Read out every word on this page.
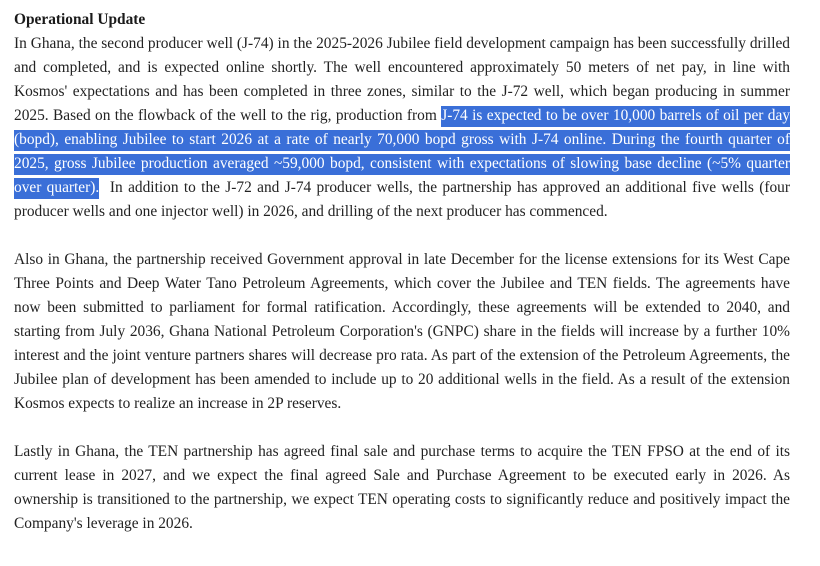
Operational Update

In Ghana, the second producer well (J-74) in the 2025-2026 Jubilee field development campaign has been successfully drilled and completed, and is expected online shortly. The well encountered approximately 50 meters of net pay, in line with Kosmos' expectations and has been completed in three zones, similar to the J-72 well, which began producing in summer 2025. Based on the flowback of the well to the rig, production from J-74 is expected to be over 10,000 barrels of oil per day (bopd), enabling Jubilee to start 2026 at a rate of nearly 70,000 bopd gross with J-74 online. During the fourth quarter of 2025, gross Jubilee production averaged ~59,000 bopd, consistent with expectations of slowing base decline (~5% quarter over quarter).  In addition to the J-72 and J-74 producer wells, the partnership has approved an additional five wells (four producer wells and one injector well) in 2026, and drilling of the next producer has commenced.

Also in Ghana, the partnership received Government approval in late December for the license extensions for its West Cape Three Points and Deep Water Tano Petroleum Agreements, which cover the Jubilee and TEN fields. The agreements have now been submitted to parliament for formal ratification. Accordingly, these agreements will be extended to 2040, and starting from July 2036, Ghana National Petroleum Corporation's (GNPC) share in the fields will increase by a further 10% interest and the joint venture partners shares will decrease pro rata. As part of the extension of the Petroleum Agreements, the Jubilee plan of development has been amended to include up to 20 additional wells in the field. As a result of the extension Kosmos expects to realize an increase in 2P reserves.

Lastly in Ghana, the TEN partnership has agreed final sale and purchase terms to acquire the TEN FPSO at the end of its current lease in 2027, and we expect the final agreed Sale and Purchase Agreement to be executed early in 2026. As ownership is transitioned to the partnership, we expect TEN operating costs to significantly reduce and positively impact the Company's leverage in 2026.
